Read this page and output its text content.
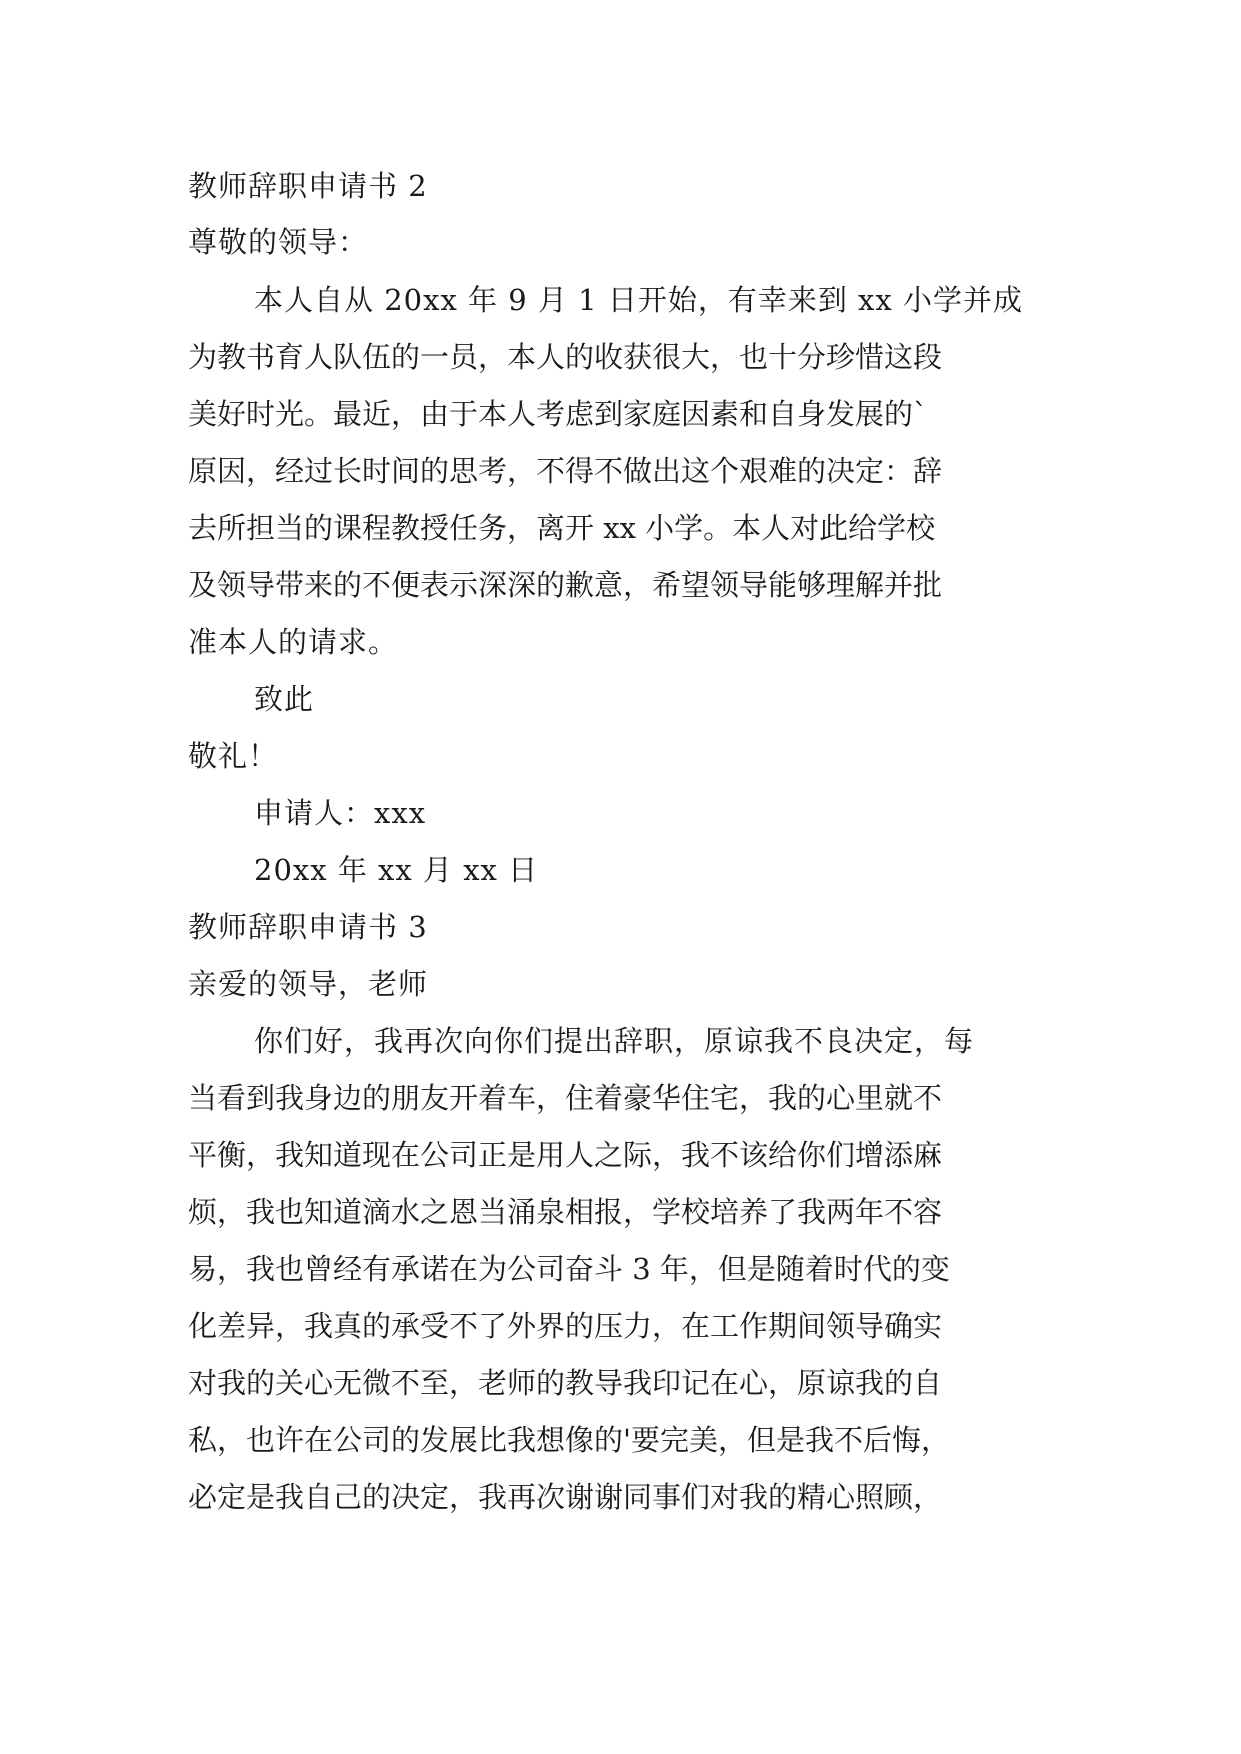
教师辞职申请书 2
尊敬的领导：
本人自从 20xx 年 9 月 1 日开始，有幸来到 xx 小学并成
为教书育人队伍的一员，本人的收获很大，也十分珍惜这段
美好时光。最近，由于本人考虑到家庭因素和自身发展的`
原因，经过长时间的思考，不得不做出这个艰难的决定：辞
去所担当的课程教授任务，离开 xx 小学。本人对此给学校
及领导带来的不便表示深深的歉意，希望领导能够理解并批
准本人的请求。
致此
敬礼！
申请人：xxx
20xx 年 xx 月 xx 日
教师辞职申请书 3
亲爱的领导，老师
你们好，我再次向你们提出辞职，原谅我不良决定，每
当看到我身边的朋友开着车，住着豪华住宅，我的心里就不
平衡，我知道现在公司正是用人之际，我不该给你们增添麻
烦，我也知道滴水之恩当涌泉相报，学校培养了我两年不容
易，我也曾经有承诺在为公司奋斗 3 年，但是随着时代的变
化差异，我真的承受不了外界的压力，在工作期间领导确实
对我的关心无微不至，老师的教导我印记在心，原谅我的自
私，也许在公司的发展比我想像的'要完美，但是我不后悔，
必定是我自己的决定，我再次谢谢同事们对我的精心照顾，
